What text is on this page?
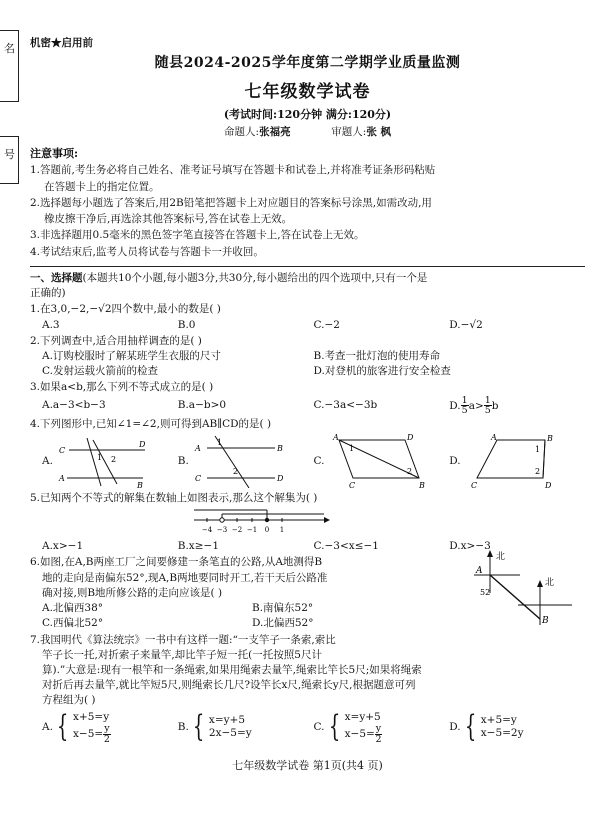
名
号
机密★启用前
随县2024-2025学年度第二学期学业质量监测
七年级数学试卷
(考试时间:120分钟 满分:120分)
命题人:张福亮	审题人:张 枫
注意事项:
1.答题前,考生务必将自己姓名、准考证号填写在答题卡和试卷上,并将准考证条形码粘贴
在答题卡上的指定位置。
2.选择题每小题选了答案后,用2B铅笔把答题卡上对应题目的答案标号涂黑,如需改动,用
橡皮擦干净后,再选涂其他答案标号,答在试卷上无效。
3.非选择题用0.5毫米的黑色签字笔直接答在答题卡上,答在试卷上无效。
4.考试结束后,监考人员将试卷与答题卡一并收回。
一、选择题(本题共10个小题,每小题3分,共30分,每小题给出的四个选项中,只有一个是
正确的)
1.在3,0,−2,−√2四个数中,最小的数是( )
A.3	B.0	C.−2	D.−√2
2.下列调查中,适合用抽样调查的是( )
A.订购校服时了解某班学生衣服的尺寸	B.考查一批灯泡的使用寿命
C.发射运载火箭前的检查	D.对登机的旅客进行安全检查
3.如果a<b,那么下列不等式成立的是( )
A.a−3<b−3	B.a−b>0	C.−3a<−3b	D. $\frac{1}{5} a> \frac{1}{5}$ b
4.下列图形中,已知∠1=∠2,则可得到AB∥CD的是( )
A.
C
A
D
B
1 2	B.
A
C
B
D
1
2
C.
A	D
B
C
1
2
D.
A	B
D
C
1
2
5.已知两个不等式的解集在数轴上如图表示,那么这个解集为( )
−4 −3 −2 −1 0 1
A.x>−1	B.x≥−1	C.−3<x≤−1	D.x>−3
6.如图,在A,B两座工厂之间要修建一条笔直的公路,从A地测得B
地的走向是南偏东52°,现A,B两地要同时开工,若干天后公路准
确对接,则B地所修公路的走向应该是( )
A.北偏西38°	B.南偏东52°
C.西偏北52°	D.北偏西52°
北
A
52
北
B
7.我国明代《算法统宗》一书中有这样一题:“一支竿子一条索,索比
竿子长一托,对折索子来量竿,却比竿子短一托(一托按照5尺计
算).”大意是:现有一根竿和一条绳索,如果用绳索去量竿,绳索比竿长5尺;如果将绳索
对折后再去量竿,就比竿短5尺,则绳索长几尺?设竿长x尺,绳索长y尺,根据题意可列
方程组为( )
A. { x+5=y
$x-5= \frac{y}{2}$	B. { x=y+5
2x−5=y
C. { x=y+5
$x-5= \frac{y}{2}$	D. { x+5=y
x−5=2y
七年级数学试卷 第1页(共4 页)
